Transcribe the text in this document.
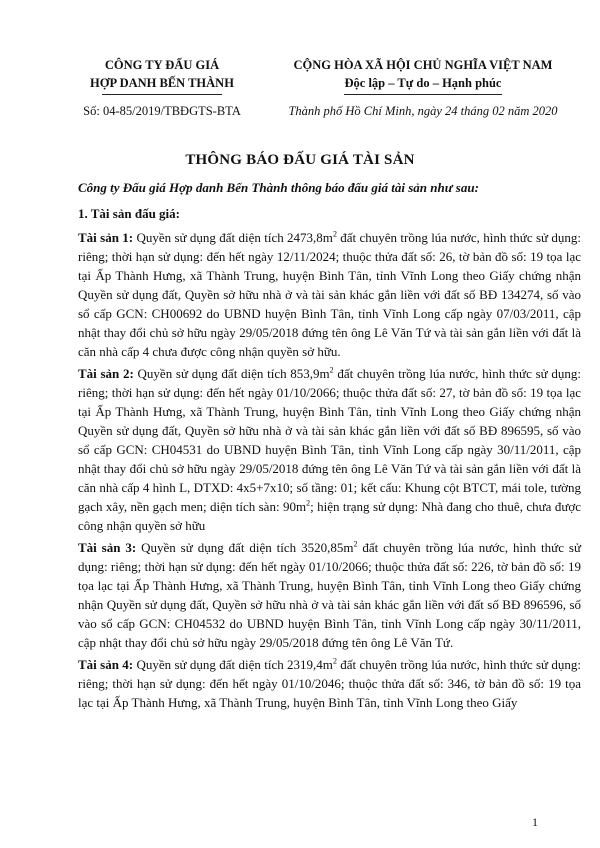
CÔNG TY ĐẤU GIÁ
HỢP DANH BẾN THÀNH
Số: 04-85/2019/TBĐGTS-BTA
CỘNG HÒA XÃ HỘI CHỦ NGHĨA VIỆT NAM
Độc lập – Tự do – Hạnh phúc
Thành phố Hồ Chí Minh, ngày 24 tháng 02 năm 2020
THÔNG BÁO ĐẤU GIÁ TÀI SẢN
Công ty Đấu giá Hợp danh Bến Thành thông báo đấu giá tài sản như sau:
1. Tài sản đấu giá:

Tài sản 1: Quyền sử dụng đất diện tích $2473,8m^2$ đất chuyên trồng lúa nước, hình thức sử dụng: riêng; thời hạn sử dụng: đến hết ngày 12/11/2024; thuộc thửa đất số: 26, tờ bản đồ số: 19 tọa lạc tại Ấp Thành Hưng, xã Thành Trung, huyện Bình Tân, tỉnh Vĩnh Long theo Giấy chứng nhận Quyền sử dụng đất, Quyền sở hữu nhà ở và tài sản khác gắn liền với đất số BĐ 134274, số vào sổ cấp GCN: CH00692 do UBND huyện Bình Tân, tỉnh Vĩnh Long cấp ngày 07/03/2011, cập nhật thay đổi chủ sở hữu ngày 29/05/2018 đứng tên ông Lê Văn Tứ và tài sản gắn liền với đất là căn nhà cấp 4 chưa được công nhận quyền sở hữu.

Tài sản 2: Quyền sử dụng đất diện tích $853,9m^2$ đất chuyên trồng lúa nước, hình thức sử dụng: riêng; thời hạn sử dụng: đến hết ngày 01/10/2066; thuộc thửa đất số: 27, tờ bản đồ số: 19 tọa lạc tại Ấp Thành Hưng, xã Thành Trung, huyện Bình Tân, tỉnh Vĩnh Long theo Giấy chứng nhận Quyền sử dụng đất, Quyền sở hữu nhà ở và tài sản khác gắn liền với đất số BĐ 896595, số vào sổ cấp GCN: CH04531 do UBND huyện Bình Tân, tỉnh Vĩnh Long cấp ngày 30/11/2011, cập nhật thay đổi chủ sở hữu ngày 29/05/2018 đứng tên ông Lê Văn Tứ và tài sản gắn liền với đất là căn nhà cấp 4 hình L, DTXD: 4x5+7x10; số tầng: 01; kết cấu: Khung cột BTCT, mái tole, tường gạch xây, nền gạch men; diện tích sàn: $90m^2$; hiện trạng sử dụng: Nhà đang cho thuê, chưa được công nhận quyền sở hữu

Tài sản 3: Quyền sử dụng đất diện tích $3520,85m^2$ đất chuyên trồng lúa nước, hình thức sử dụng: riêng; thời hạn sử dụng: đến hết ngày 01/10/2066; thuộc thửa đất số: 226, tờ bản đồ số: 19 tọa lạc tại Ấp Thành Hưng, xã Thành Trung, huyện Bình Tân, tỉnh Vĩnh Long theo Giấy chứng nhận Quyền sử dụng đất, Quyền sở hữu nhà ở và tài sản khác gắn liền với đất số BĐ 896596, số vào sổ cấp GCN: CH04532 do UBND huyện Bình Tân, tỉnh Vĩnh Long cấp ngày 30/11/2011, cập nhật thay đổi chủ sở hữu ngày 29/05/2018 đứng tên ông Lê Văn Tứ.

Tài sản 4: Quyền sử dụng đất diện tích $2319,4m^2$ đất chuyên trồng lúa nước, hình thức sử dụng: riêng; thời hạn sử dụng: đến hết ngày 01/10/2046; thuộc thửa đất số: 346, tờ bản đồ số: 19 tọa lạc tại Ấp Thành Hưng, xã Thành Trung, huyện Bình Tân, tỉnh Vĩnh Long theo Giấy

1
